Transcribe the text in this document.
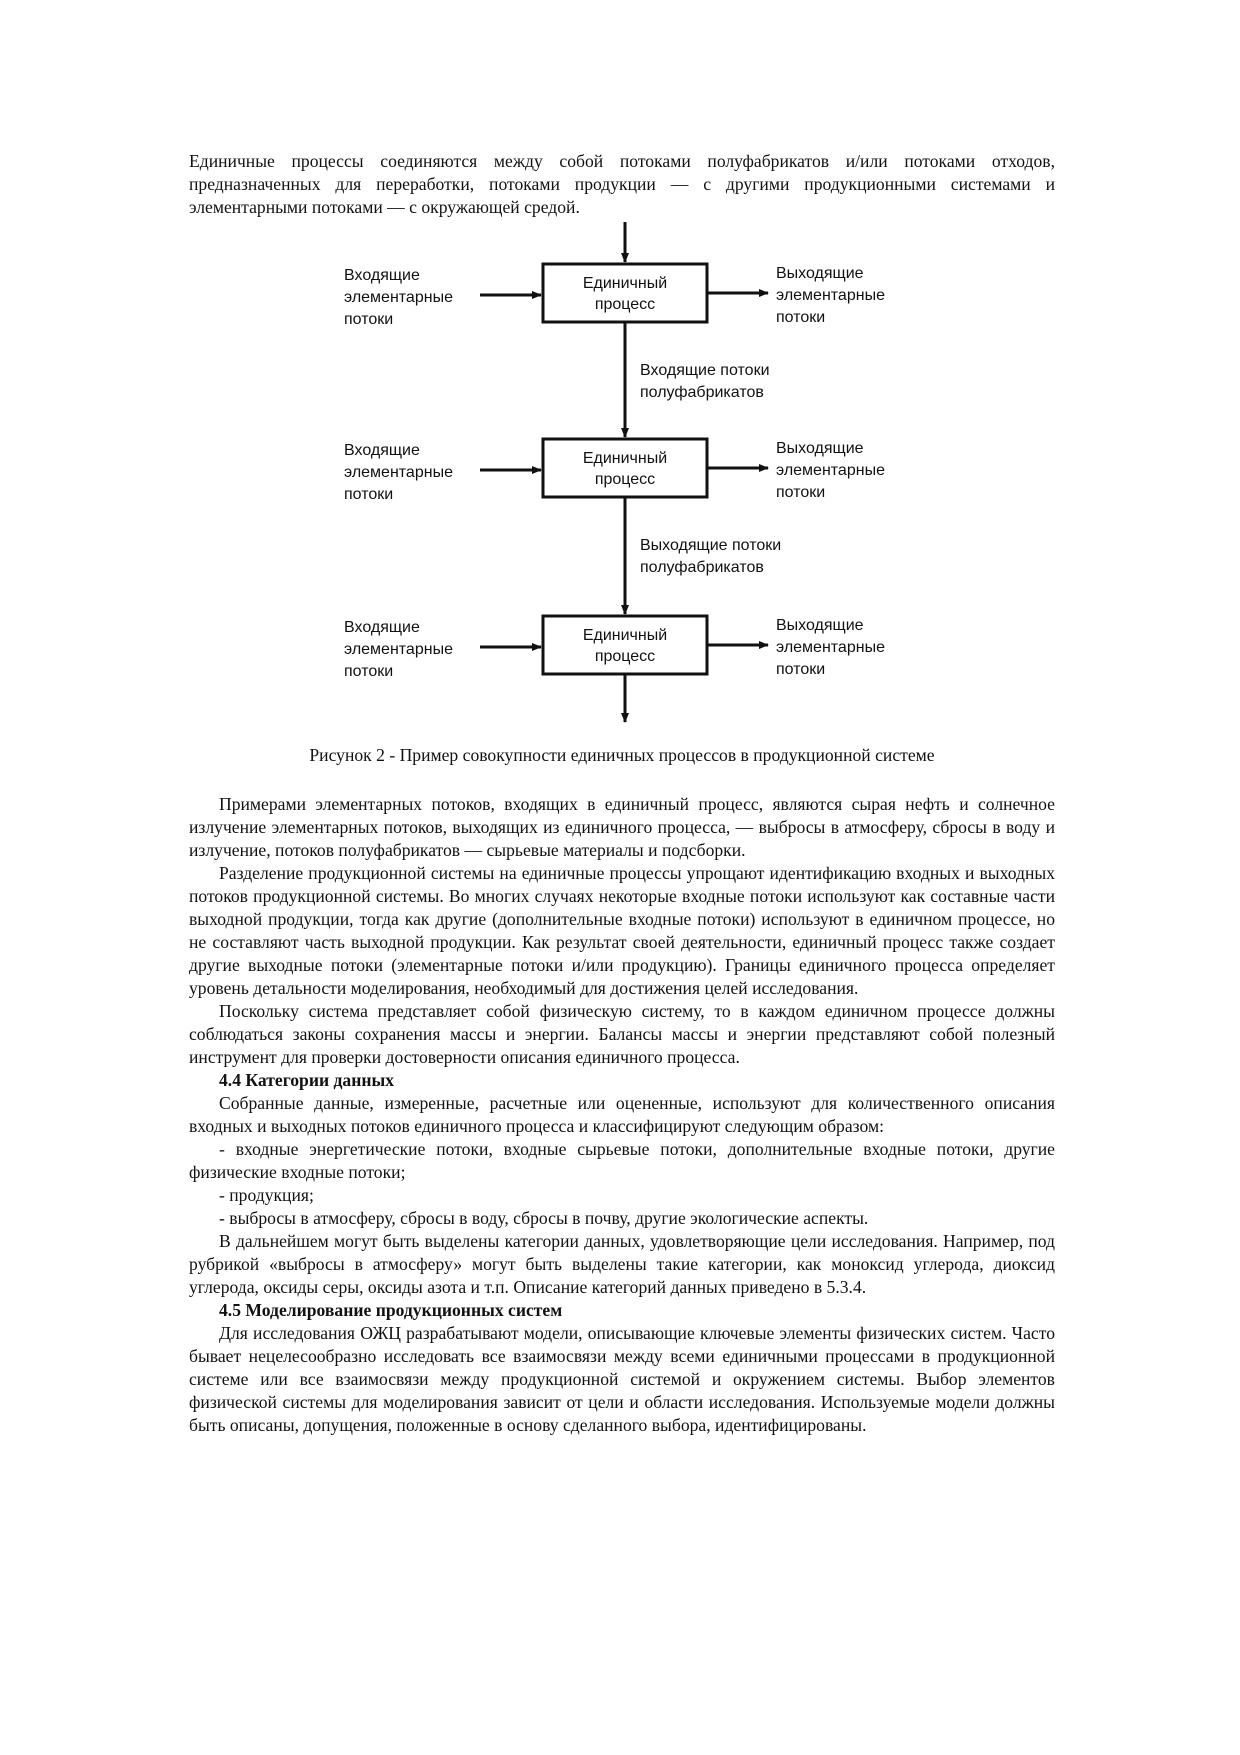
Единичные процессы соединяются между собой потоками полуфабрикатов и/или потоками отходов, предназначенных для переработки, потоками продукции — с другими продукционными системами и элементарными потоками — с окружающей средой.

Единичный
процесс
Единичный
процесс
Единичный
процесс
Входящие
элементарные
потоки
Входящие
элементарные
потоки
Входящие
элементарные
потоки
Выходящие
элементарные
потоки
Выходящие
элементарные
потоки
Выходящие
элементарные
потоки
Входящие потоки
полуфабрикатов
Выходящие потоки
полуфабрикатов
Рисунок 2 - Пример совокупности единичных процессов в продукционной системе

Примерами элементарных потоков, входящих в единичный процесс, являются сырая нефть и солнечное излучение элементарных потоков, выходящих из единичного процесса, — выбросы в атмосферу, сбросы в воду и излучение, потоков полуфабрикатов — сырьевые материалы и подсборки.

Разделение продукционной системы на единичные процессы упрощают идентификацию входных и выходных потоков продукционной системы. Во многих случаях некоторые входные потоки используют как составные части выходной продукции, тогда как другие (дополнительные входные потоки) используют в единичном процессе, но не составляют часть выходной продукции. Как результат своей деятельности, единичный процесс также создает другие выходные потоки (элементарные потоки и/или продукцию). Границы единичного процесса определяет уровень детальности моделирования, необходимый для достижения целей исследования.

Поскольку система представляет собой физическую систему, то в каждом единичном процессе должны соблюдаться законы сохранения массы и энергии. Балансы массы и энергии представляют собой полезный инструмент для проверки достоверности описания единичного процесса.

4.4 Категории данных

Собранные данные, измеренные, расчетные или оцененные, используют для количественного описания входных и выходных потоков единичного процесса и классифицируют следующим образом:

- входные энергетические потоки, входные сырьевые потоки, дополнительные входные потоки, другие физические входные потоки;

- продукция;

- выбросы в атмосферу, сбросы в воду, сбросы в почву, другие экологические аспекты.

В дальнейшем могут быть выделены категории данных, удовлетворяющие цели исследования. Например, под рубрикой «выбросы в атмосферу» могут быть выделены такие категории, как моноксид углерода, диоксид углерода, оксиды серы, оксиды азота и т.п. Описание категорий данных приведено в 5.3.4.

4.5 Моделирование продукционных систем

Для исследования ОЖЦ разрабатывают модели, описывающие ключевые элементы физических систем. Часто бывает нецелесообразно исследовать все взаимосвязи между всеми единичными процессами в продукционной системе или все взаимосвязи между продукционной системой и окружением системы. Выбор элементов физической системы для моделирования зависит от цели и области исследования. Используемые модели должны быть описаны, допущения, положенные в основу сделанного выбора, идентифицированы.
